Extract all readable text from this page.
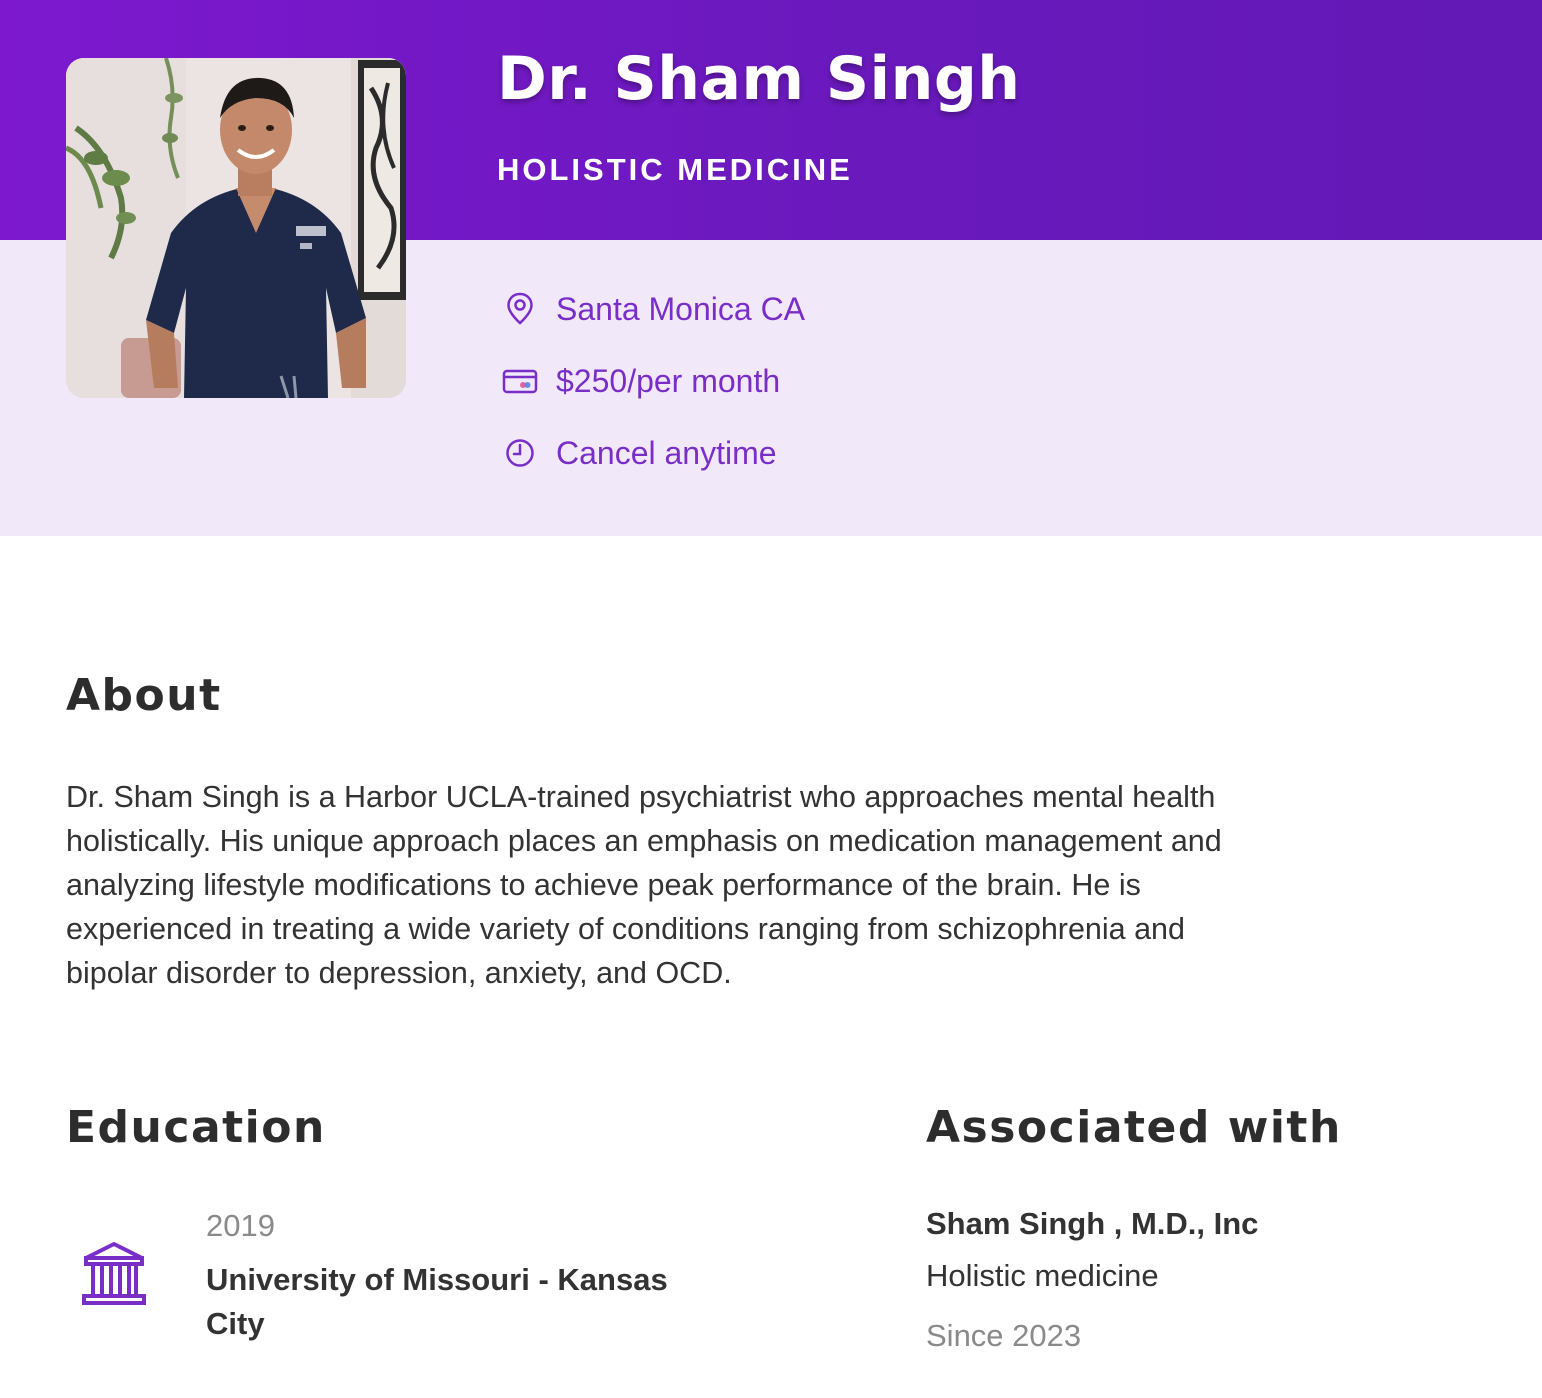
Dr. Sham Singh
HOLISTIC MEDICINE
Santa Monica CA
$250/per month
Cancel anytime
About

Dr. Sham Singh is a Harbor UCLA-trained psychiatrist who approaches mental health holistically. His unique approach places an emphasis on medication management and analyzing lifestyle modifications to achieve peak performance of the brain. He is experienced in treating a wide variety of conditions ranging from schizophrenia and bipolar disorder to depression, anxiety, and OCD.

Education
2019
University of Missouri - Kansas City
Associated with
Sham Singh , M.D., Inc
Holistic medicine
Since 2023
